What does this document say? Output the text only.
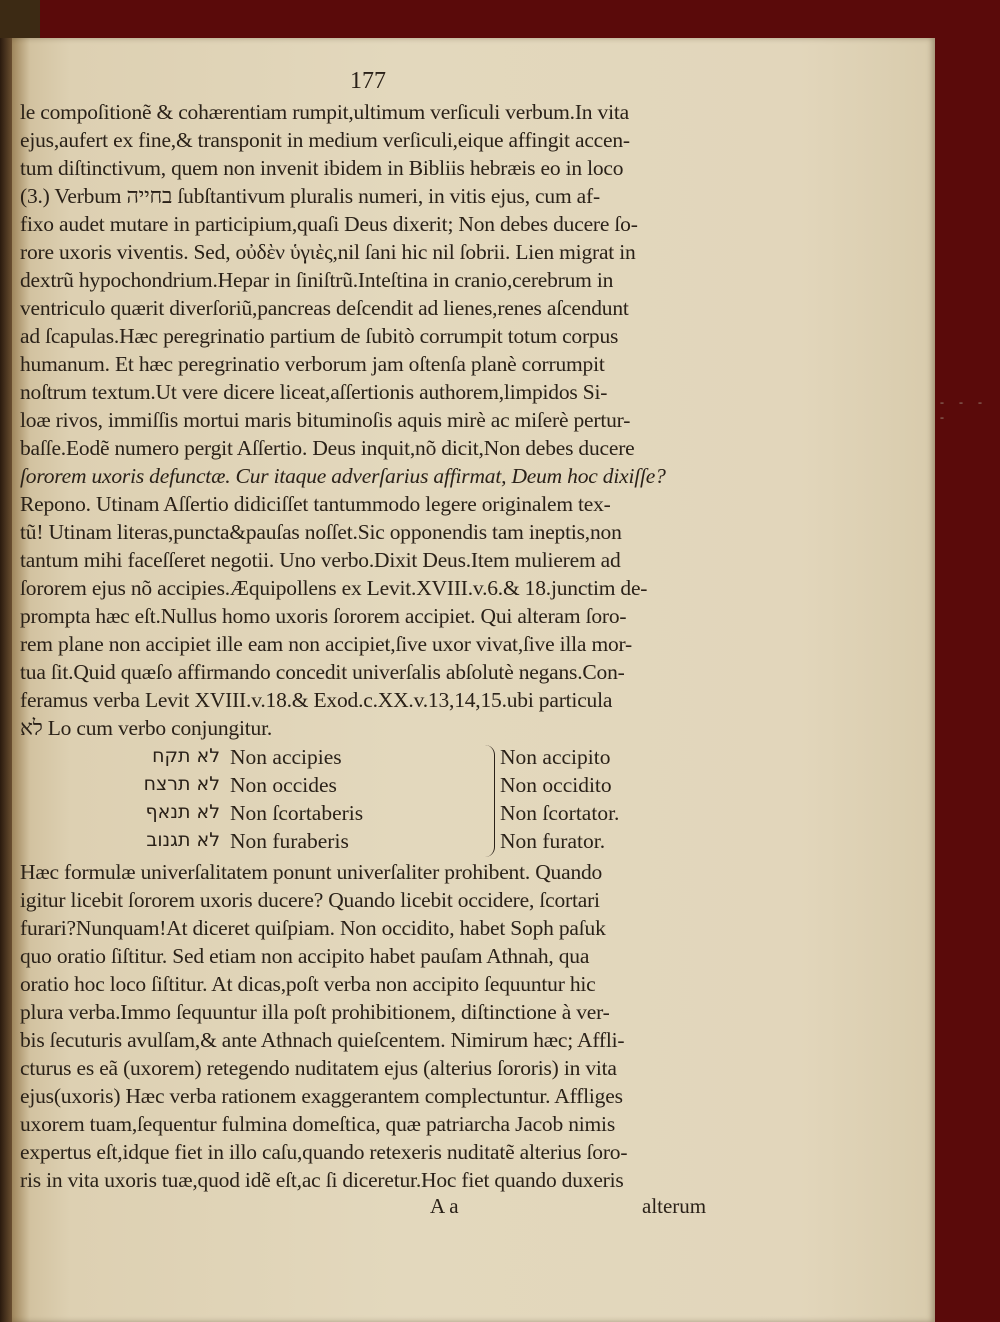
- - - -
177
le compoſitionẽ & cohærentiam rumpit,ultimum verſiculi verbum.In vita
ejus,aufert ex fine,& transponit in medium verſiculi,eique affingit accen-
tum diſtinctivum, quem non invenit ibidem in Bibliis hebræis eo in loco
(3.) Verbum בחייה ſubſtantivum pluralis numeri, in vitis ejus, cum af-
fixo audet mutare in participium,quaſi Deus dixerit; Non debes ducere ſo-
rore uxoris viventis. Sed, οὐδὲν ὑγιὲς,nil ſani hic nil ſobrii. Lien migrat in
dextrũ hypochondrium.Hepar in ſiniſtrũ.Inteſtina in cranio,cerebrum in
ventriculo quærit diverſoriũ,pancreas deſcendit ad lienes,renes aſcendunt
ad ſcapulas.Hæc peregrinatio partium de ſubitò corrumpit totum corpus
humanum. Et hæc peregrinatio verborum jam oſtenſa planè corrumpit
noſtrum textum.Ut vere dicere liceat,aſſertionis authorem,limpidos Si-
loæ rivos, immiſſis mortui maris bituminoſis aquis mirè ac miſerè pertur-
baſſe.Eodẽ numero pergit Aſſertio. Deus inquit,nõ dicit,Non debes ducere
ſororem uxoris defunctæ. Cur itaque adverſarius affirmat, Deum hoc dixiſſe?
Repono. Utinam Aſſertio didiciſſet tantummodo legere originalem tex-
tũ! Utinam literas,puncta&pauſas noſſet.Sic opponendis tam ineptis,non
tantum mihi faceſſeret negotii. Uno verbo.Dixit Deus.Item mulierem ad
ſororem ejus nõ accipies.Æquipollens ex Levit.XVIII.v.6.& 18.junctim de-
prompta hæc eſt.Nullus homo uxoris ſororem accipiet. Qui alteram ſoro-
rem plane non accipiet ille eam non accipiet,ſive uxor vivat,ſive illa mor-
tua ſit.Quid quæſo affirmando concedit univerſalis abſolutè negans.Con-
feramus verba Levit XVIII.v.18.& Exod.c.XX.v.13,14,15.ubi particula
לא Lo cum verbo conjungitur.
לא תקח Non accipies	Non accipito
לא תרצח Non occides	Non occidito
לא תנאף Non ſcortaberis	Non ſcortator.
לא תגנוב Non furaberis	Non furator.
Hæc formulæ univerſalitatem ponunt univerſaliter prohibent. Quando
igitur licebit ſororem uxoris ducere? Quando licebit occidere, ſcortari
furari?Nunquam!At diceret quiſpiam. Non occidito, habet Soph paſuk
quo oratio ſiſtitur. Sed etiam non accipito habet pauſam Athnah, qua
oratio hoc loco ſiſtitur. At dicas,poſt verba non accipito ſequuntur hic
plura verba.Immo ſequuntur illa poſt prohibitionem, diſtinctione à ver-
bis ſecuturis avulſam,& ante Athnach quieſcentem. Nimirum hæc; Affli-
cturus es eã (uxorem) retegendo nuditatem ejus (alterius ſororis) in vita
ejus(uxoris) Hæc verba rationem exaggerantem complectuntur. Affliges
uxorem tuam,ſequentur fulmina domeſtica, quæ patriarcha Jacob nimis
expertus eſt,idque fiet in illo caſu,quando retexeris nuditatẽ alterius ſoro-
ris in vita uxoris tuæ,quod idẽ eſt,ac ſi diceretur.Hoc fiet quando duxeris
A a	alterum
